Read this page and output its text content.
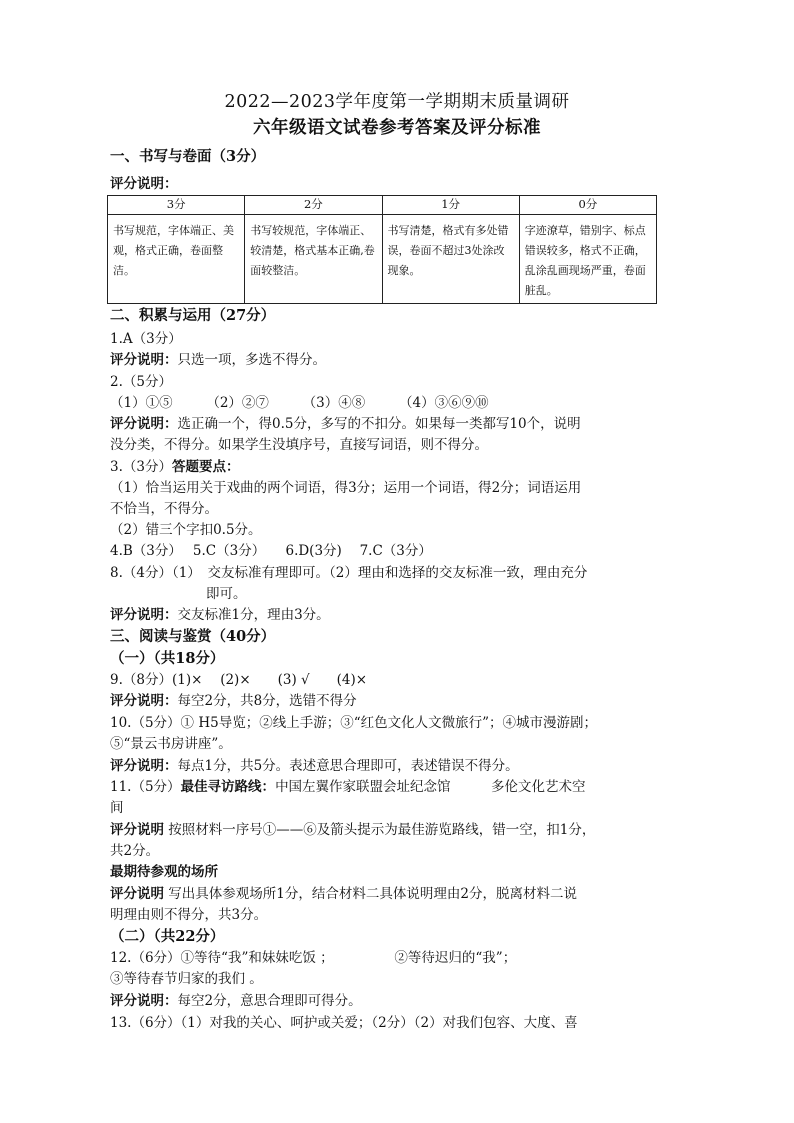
2022—2023学年度第一学期期末质量调研
六年级语文试卷参考答案及评分标准
一、书写与卷面（3分）
评分说明：
3分	2分	1分	0分
书写规范，字体端正、美观，格式正确，卷面整洁。	书写较规范，字体端正、较清楚，格式基本正确,卷面较整洁。	书写清楚，格式有多处错误，卷面不超过3处涂改现象。	字迹潦草，错别字、标点错误较多，格式不正确，乱涂乱画现场严重，卷面脏乱。
二、积累与运用（27分）
1.A（3分）
评分说明：只选一项，多选不得分。
2.（5分）
（1）①⑤　　　（2）②⑦　　　（3）④⑧　　　（4）③⑥⑨⑩
评分说明：选正确一个，得0.5分，多写的不扣分。如果每一类都写10个，说明
没分类，不得分。如果学生没填序号，直接写词语，则不得分。
3.（3分）答题要点：
（1）恰当运用关于戏曲的两个词语，得3分；运用一个词语，得2分；词语运用
不恰当，不得分。
（2）错三个字扣0.5分。
4.B（3分）　 5.C（3分）　　6.D(3分)　 7.C（3分）
8.（4分）（1）　交友标准有理即可。（2）理由和选择的交友标准一致，理由充分
即可。
评分说明：交友标准1分，理由3分。
三、阅读与鉴赏（40分）
（一）（共18分）
9.（8分）(1)×　 (2)×　　(3) √　　(4)×
评分说明：每空2分，共8分，选错不得分
10.（5分）① H5导览；②线上手游；③“红色文化人文微旅行”；④城市漫游剧；
⑤“景云书房讲座”。
评分说明：每点1分，共5分。表述意思合理即可，表述错误不得分。
11.（5分）最佳寻访路线：中国左翼作家联盟会址纪念馆　　　多伦文化艺术空
间
评分说明 按照材料一序号①——⑥及箭头提示为最佳游览路线，错一空，扣1分，
共2分。
最期待参观的场所
评分说明 写出具体参观场所1分，结合材料二具体说明理由2分，脱离材料二说
明理由则不得分，共3分。
（二）（共22分）
12.（6分）①等待“我”和妹妹吃饭 ；　　　　　②等待迟归的“我”；
③等待春节归家的我们 。
评分说明：每空2分，意思合理即可得分。
13.（6分）（1）对我的关心、呵护或关爱；（2分）（2）对我们包容、大度、喜
